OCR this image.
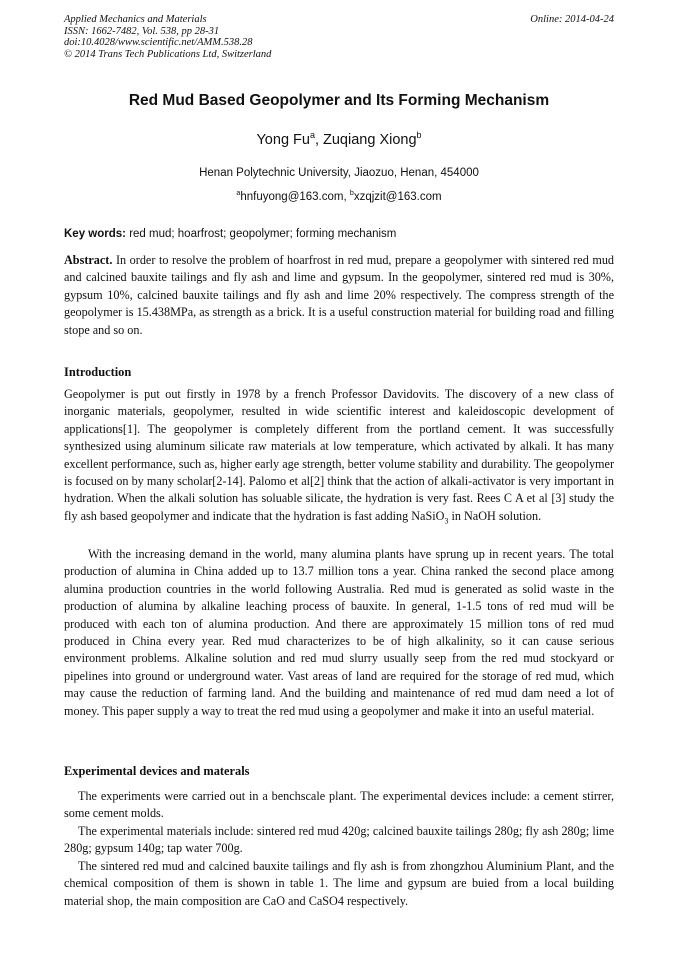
Applied Mechanics and Materials
ISSN: 1662-7482, Vol. 538, pp 28-31
doi:10.4028/www.scientific.net/AMM.538.28
© 2014 Trans Tech Publications Ltd, Switzerland
Online: 2014-04-24
Red Mud Based Geopolymer and Its Forming Mechanism
Yong Fu$^a$, Zuqiang Xiong$^b$
Henan Polytechnic University, Jiaozuo, Henan, 454000
$^a$hnfuyong@163.com, $^b$xzqjzit@163.com
Key words: red mud; hoarfrost; geopolymer; forming mechanism

Abstract. In order to resolve the problem of hoarfrost in red mud, prepare a geopolymer with sintered red mud and calcined bauxite tailings and fly ash and lime and gypsum. In the geopolymer, sintered red mud is 30%, gypsum 10%, calcined bauxite tailings and fly ash and lime 20% respectively. The compress strength of the geopolymer is 15.438MPa, as strength as a brick. It is a useful construction material for building road and filling stope and so on.

Introduction

Geopolymer is put out firstly in 1978 by a french Professor Davidovits. The discovery of a new class of inorganic materials, geopolymer, resulted in wide scientific interest and kaleidoscopic development of applications[1]. The geopolymer is completely different from the portland cement. It was successfully synthesized using aluminum silicate raw materials at low temperature, which activated by alkali. It has many excellent performance, such as, higher early age strength, better volume stability and durability. The geopolymer is focused on by many scholar[2-14]. Palomo et al[2] think that the action of alkali-activator is very important in hydration. When the alkali solution has soluable silicate, the hydration is very fast. Rees C A et al [3] study the fly ash based geopolymer and indicate that the hydration is fast adding NaSiO$_3$ in NaOH solution.

With the increasing demand in the world, many alumina plants have sprung up in recent years. The total production of alumina in China added up to 13.7 million tons a year. China ranked the second place among alumina production countries in the world following Australia. Red mud is generated as solid waste in the production of alumina by alkaline leaching process of bauxite. In general, 1-1.5 tons of red mud will be produced with each ton of alumina production. And there are approximately 15 million tons of red mud produced in China every year. Red mud characterizes to be of high alkalinity, so it can cause serious environment problems. Alkaline solution and red mud slurry usually seep from the red mud stockyard or pipelines into ground or underground water. Vast areas of land are required for the storage of red mud, which may cause the reduction of farming land. And the building and maintenance of red mud dam need a lot of money. This paper supply a way to treat the red mud using a geopolymer and make it into an useful material.

Experimental devices and materals

The experiments were carried out in a benchscale plant. The experimental devices include: a cement stirrer, some cement molds.

The experimental materials include: sintered red mud 420g; calcined bauxite tailings 280g; fly ash 280g; lime 280g; gypsum 140g; tap water 700g.

The sintered red mud and calcined bauxite tailings and fly ash is from zhongzhou Aluminium Plant, and the chemical composition of them is shown in table 1. The lime and gypsum are buied from a local building material shop, the main composition are CaO and CaSO4 respectively.
